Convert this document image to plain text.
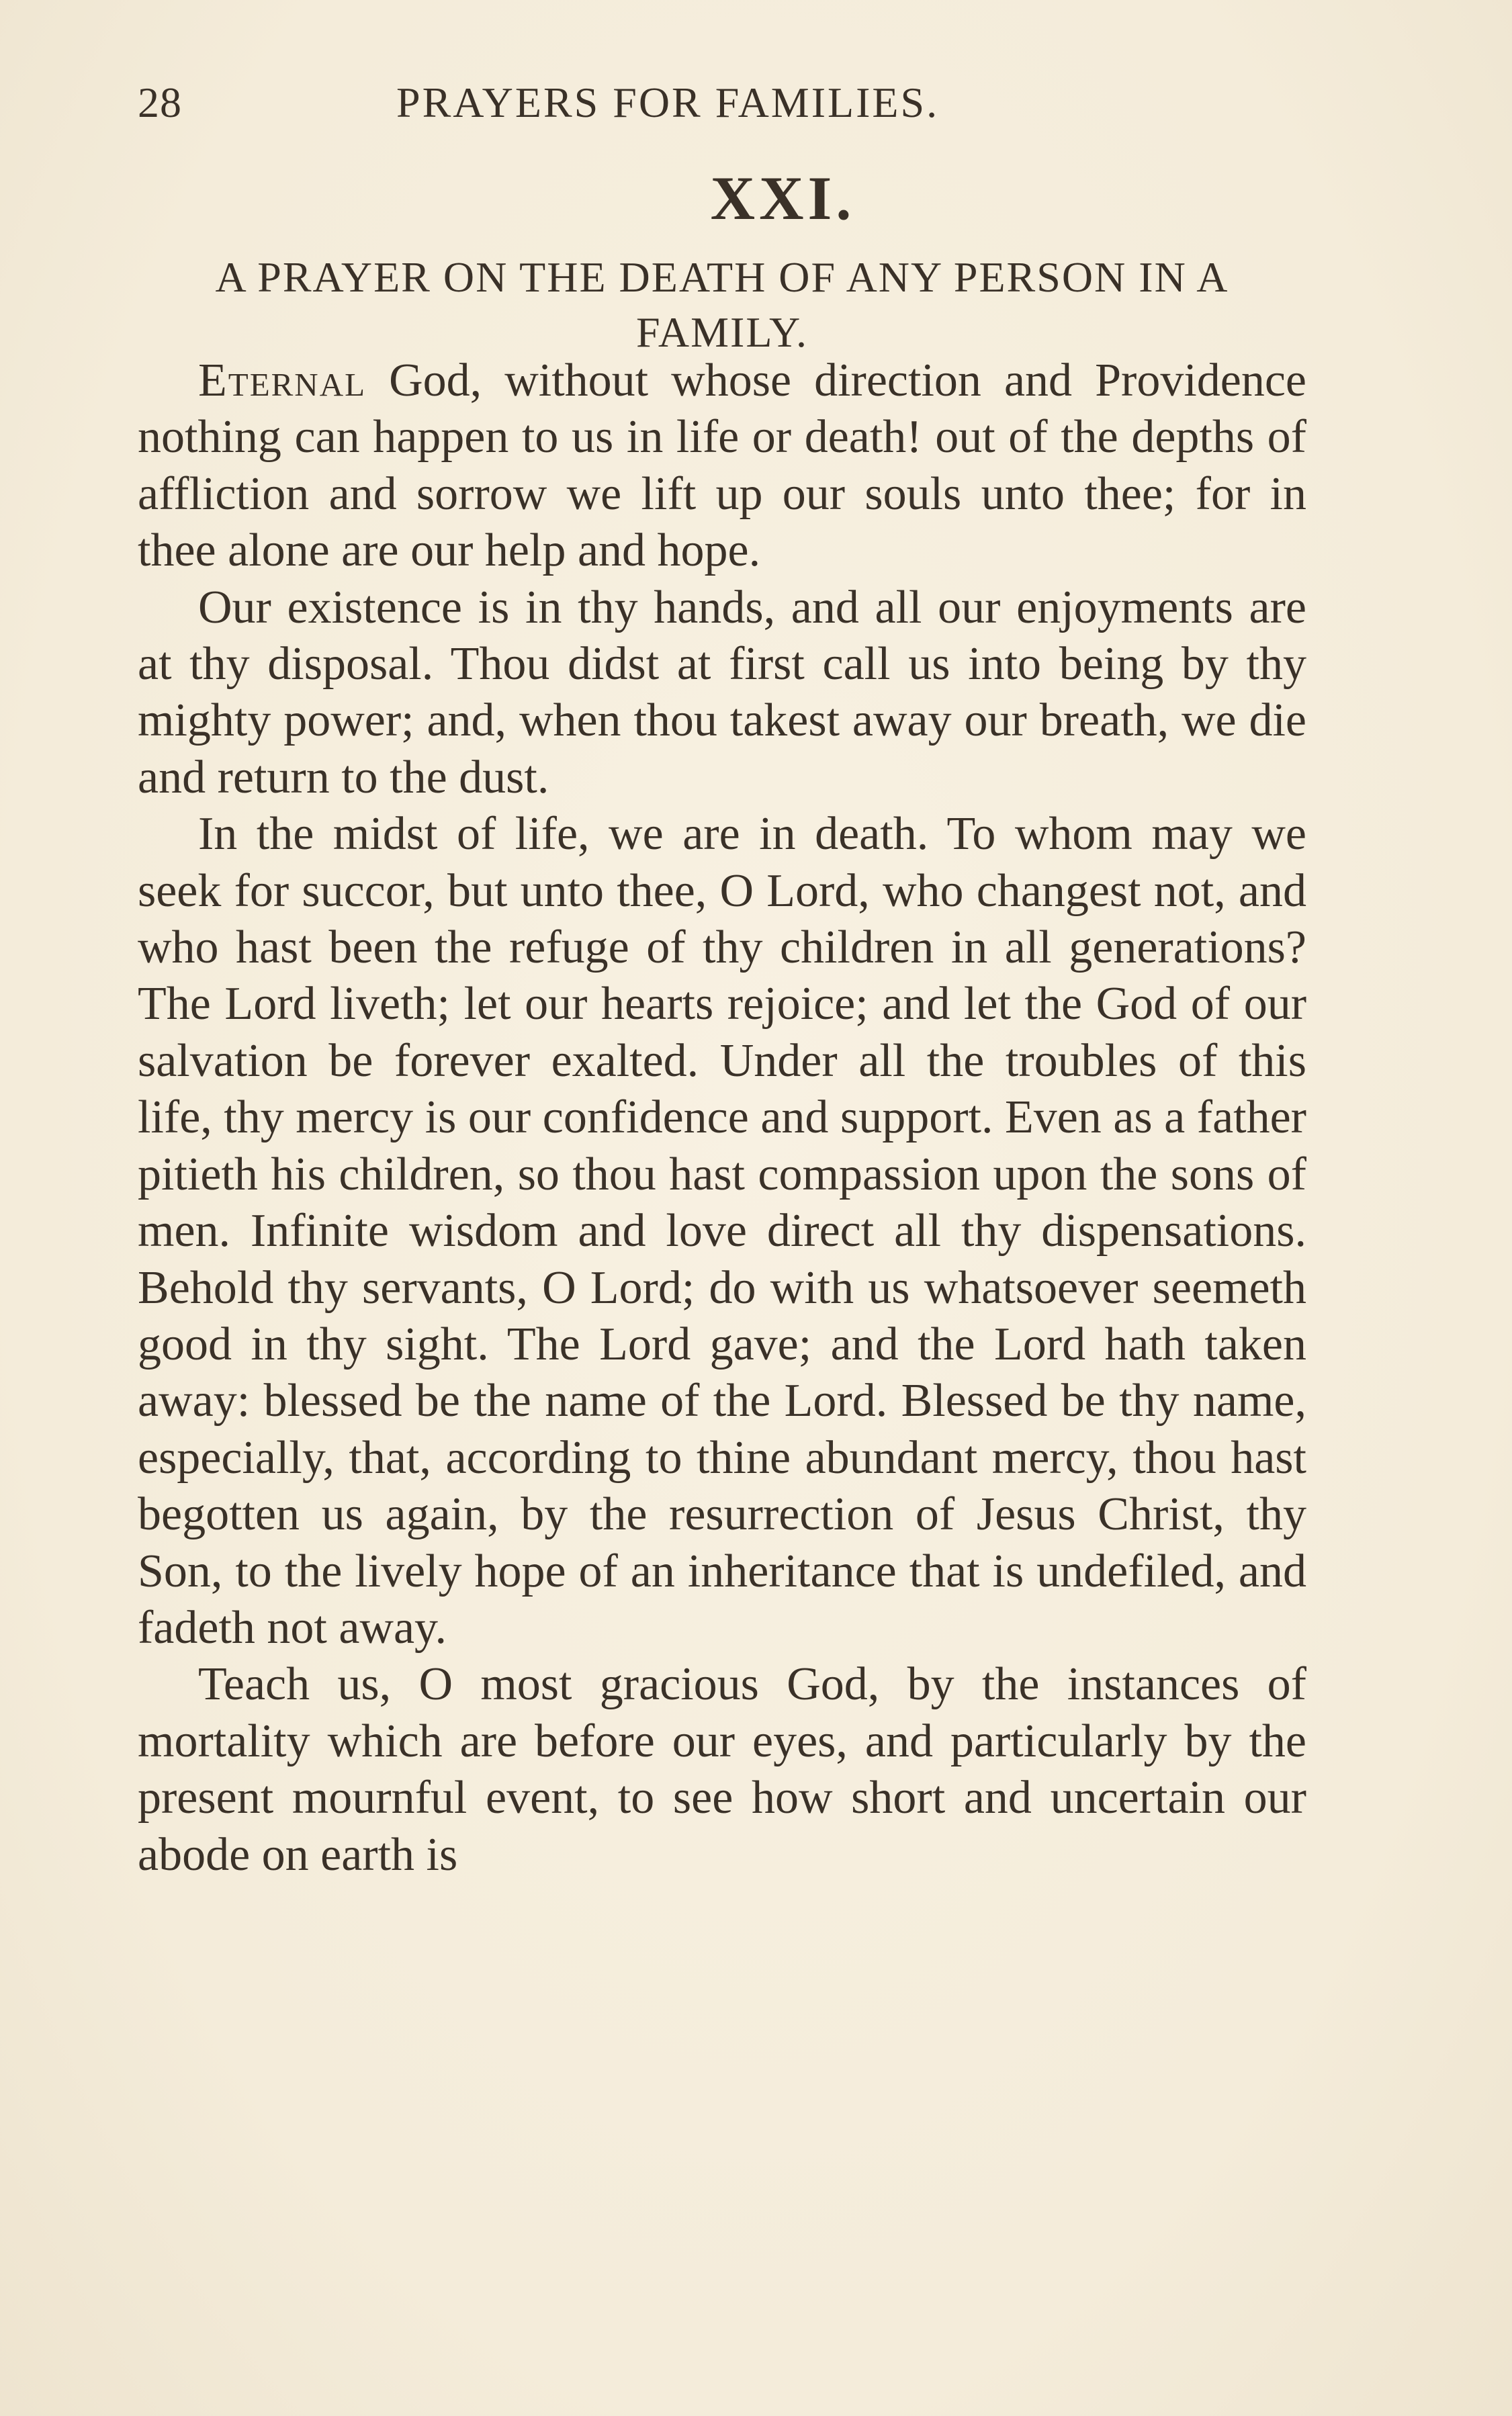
28	PRAYERS FOR FAMILIES.
XXI.
A PRAYER ON THE DEATH OF ANY PERSON IN A FAMILY.

Eternal God, without whose direction and Providence nothing can happen to us in life or death! out of the depths of affliction and sorrow we lift up our souls unto thee; for in thee alone are our help and hope.

Our existence is in thy hands, and all our enjoyments are at thy disposal. Thou didst at first call us into being by thy mighty power; and, when thou takest away our breath, we die and return to the dust.

In the midst of life, we are in death. To whom may we seek for succor, but unto thee, O Lord, who changest not, and who hast been the refuge of thy children in all generations? The Lord liveth; let our hearts rejoice; and let the God of our salvation be forever exalted. Under all the troubles of this life, thy mercy is our confidence and support. Even as a father pitieth his children, so thou hast compassion upon the sons of men. Infinite wisdom and love direct all thy dispensations. Behold thy servants, O Lord; do with us whatsoever seemeth good in thy sight. The Lord gave; and the Lord hath taken away: blessed be the name of the Lord. Blessed be thy name, especially, that, according to thine abundant mercy, thou hast begotten us again, by the resurrection of Jesus Christ, thy Son, to the lively hope of an inheritance that is undefiled, and fadeth not away.

Teach us, O most gracious God, by the instances of mortality which are before our eyes, and particularly by the present mournful event, to see how short and uncertain our abode on earth is
